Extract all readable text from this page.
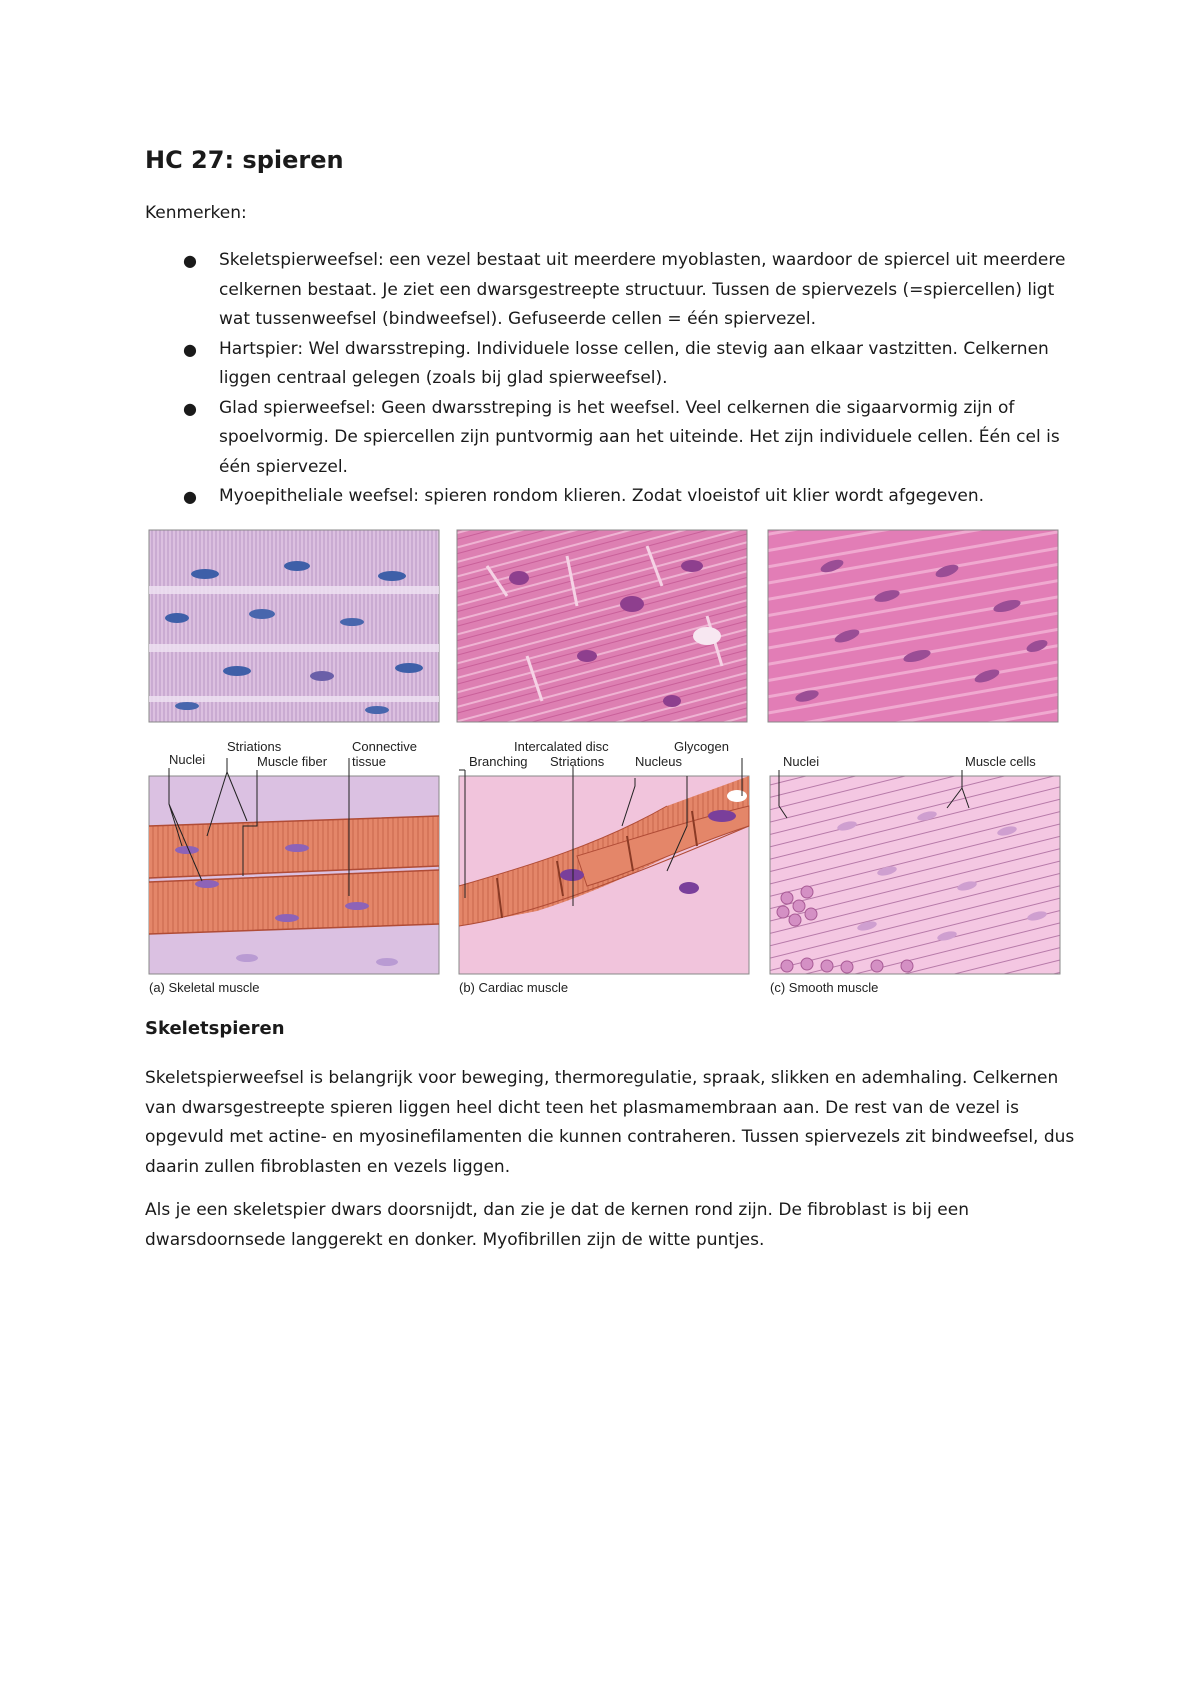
HC 27: spieren

Kenmerken:

● Skeletspierweefsel: een vezel bestaat uit meerdere myoblasten, waardoor de spiercel uit meerdere celkernen bestaat. Je ziet een dwarsgestreepte structuur. Tussen de spiervezels (=spiercellen) ligt wat tussenweefsel (bindweefsel). Gefuseerde cellen = één spiervezel.
● Hartspier: Wel dwarsstreping. Individuele losse cellen, die stevig aan elkaar vastzitten. Celkernen liggen centraal gelegen (zoals bij glad spierweefsel).
● Glad spierweefsel: Geen dwarsstreping is het weefsel. Veel celkernen die sigaarvormig zijn of spoelvormig. De spiercellen zijn puntvormig aan het uiteinde. Het zijn individuele cellen. Één cel is één spiervezel.
● Myoepitheliale weefsel: spieren rondom klieren. Zodat vloeistof uit klier wordt afgegeven.
Nuclei
Striations
Muscle fiber
Connective
tissue
(a) Skeletal muscle
Intercalated disc	Glycogen
Branching Striations Nucleus
(b) Cardiac muscle
Nuclei	Muscle cells
(c) Smooth muscle
Skeletspieren

Skeletspierweefsel is belangrijk voor beweging, thermoregulatie, spraak, slikken en ademhaling. Celkernen van dwarsgestreepte spieren liggen heel dicht teen het plasmamembraan aan. De rest van de vezel is opgevuld met actine- en myosinefilamenten die kunnen contraheren. Tussen spiervezels zit bindweefsel, dus daarin zullen fibroblasten en vezels liggen.

Als je een skeletspier dwars doorsnijdt, dan zie je dat de kernen rond zijn. De fibroblast is bij een dwarsdoornsede langgerekt en donker. Myofibrillen zijn de witte puntjes.
